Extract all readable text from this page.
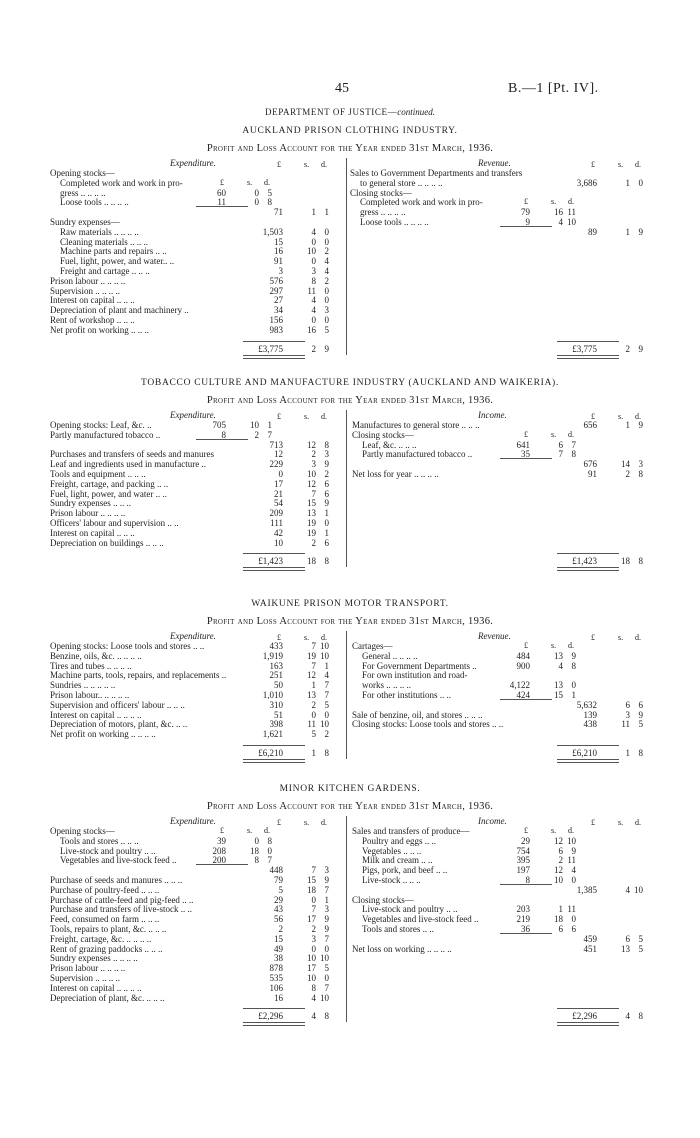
45	B.—1 [Pt. IV].
DEPARTMENT OF JUSTICE—continued.
AUCKLAND PRISON CLOTHING INDUSTRY.
Profit and Loss Account for the Year ended 31st March, 1936.
Expenditure.	Revenue.
£	s. d.	£	s. d.
Opening stocks—
Completed work and work in pro-	£	s. d.
gress .. .. .. ..	60	0 5
Loose tools .. .. .. ..	11	0 8
71	1 1
Sundry expenses—
Raw materials .. .. .. ..	1,503	4 0
Cleaning materials .. .. ..	15	0 0
Machine parts and repairs .. ..	16	10 2
Fuel, light, power, and water.. ..	91	0 4
Freight and cartage .. .. ..	3	3 4
Prison labour .. .. .. ..	576	8 2
Supervision .. .. .. ..	297	11 0
Interest on capital .. .. ..	27	4 0
Depreciation of plant and machinery ..	34	4 3
Rent of workshop .. .. ..	156	0 0
Net profit on working .. .. ..	983	16 5
Sales to Government Departments and transfers
to general store .. .. .. ..	3,686	1 0
Closing stocks—
Completed work and work in pro-	£	s. d.
gress .. .. .. ..	79	16 11
Loose tools .. .. .. ..	9	4 10
89	1 9
£3,775	2 9	£3,775	2 9
TOBACCO CULTURE AND MANUFACTURE INDUSTRY (AUCKLAND AND WAIKERIA).
Profit and Loss Account for the Year ended 31st March, 1936.
Expenditure.	Income.
£	s. d.	£	s. d.
Opening stocks: Leaf, &c. ..	705	10 1
Partly manufactured tobacco ..	8	2 7
713	12 8
Purchases and transfers of seeds and manures	12	2 3
Leaf and ingredients used in manufacture ..	229	3 9
Tools and equipment .. .. ..	0	10 2
Freight, cartage, and packing .. ..	17	12 6
Fuel, light, power, and water .. ..	21	7 6
Sundry expenses .. .. ..	54	15 9
Prison labour .. .. .. ..	209	13 1
Officers' labour and supervision .. ..	111	19 0
Interest on capital .. .. ..	42	19 1
Depreciation on buildings .. .. ..	10	2 6
Manufactures to general store .. .. ..	656	1 9
Closing stocks—	£	s. d.
Leaf, &c. .. .. ..	641	6 7
Partly manufactured tobacco ..	35	7 8
676	14 3
Net loss for year .. .. .. ..	91	2 8
£1,423	18 8	£1,423	18 8
WAIKUNE PRISON MOTOR TRANSPORT.
Profit and Loss Account for the Year ended 31st March, 1936.
Expenditure.	Revenue.
£	s. d.	£	s. d.
Opening stocks: Loose tools and stores .. ..	433	7 10
Benzine, oils, &c. .. .. .. ..	1,919	19 10
Tires and tubes .. .. .. ..	163	7 1
Machine parts, tools, repairs, and replacements ..	251	12 4
Sundries .. .. .. .. ..	50	1 7
Prison labour.. .. .. .. ..	1,010	13 7
Supervision and officers' labour .. .. ..	310	2 5
Interest on capital .. .. .. ..	51	0 0
Depreciation of motors, plant, &c. .. ..	398	11 10
Net profit on working .. .. .. ..	1,621	5 2
Cartages—	£	s. d.
General .. .. .. ..	484	13 9
For Government Departments ..	900	4 8
For own institution and road-
works .. .. .. ..	4,122	13 0
For other institutions .. ..	424	15 1
5,632	6 6
Sale of benzine, oil, and stores .. .. ..	139	3 9
Closing stocks: Loose tools and stores .. ..	438	11 5
£6,210	1 8	£6,210	1 8
MINOR KITCHEN GARDENS.
Profit and Loss Account for the Year ended 31st March, 1936.
Expenditure.	Income.
£	s. d.	£	s. d.
Opening stocks—	£	s. d.
Tools and stores .. .. ..	39	0 8
Live-stock and poultry .. ..	208	18 0
Vegetables and live-stock feed ..	200	8 7
448	7 3
Purchase of seeds and manures .. .. ..	79	15 9
Purchase of poultry-feed .. .. ..	5	18 7
Purchase of cattle-feed and pig-feed .. ..	29	0 1
Purchase and transfers of live-stock .. ..	43	7 3
Feed, consumed on farm .. .. ..	56	17 9
Tools, repairs to plant, &c. .. .. ..	2	2 9
Freight, cartage, &c. .. .. .. ..	15	3 7
Rent of grazing paddocks .. .. ..	49	0 0
Sundry expenses .. .. .. ..	38	10 10
Prison labour .. .. .. ..	878	17 5
Supervision .. .. .. ..	535	10 0
Interest on capital .. .. .. ..	106	8 7
Depreciation of plant, &c. .. .. ..	16	4 10
Sales and transfers of produce—	£	s. d.
Poultry and eggs .. ..	29	12 10
Vegetables .. .. ..	754	6 9
Milk and cream .. ..	395	2 11
Pigs, pork, and beef .. ..	197	12 4
Live-stock .. .. ..	8	10 0
1,385	4 10
Closing stocks—
Live-stock and poultry .. ..	203	1 11
Vegetables and live-stock feed ..	219	18 0
Tools and stores .. ..	36	6 6
459	6 5
Net loss on working .. .. .. ..	451	13 5
£2,296	4 8	£2,296	4 8
